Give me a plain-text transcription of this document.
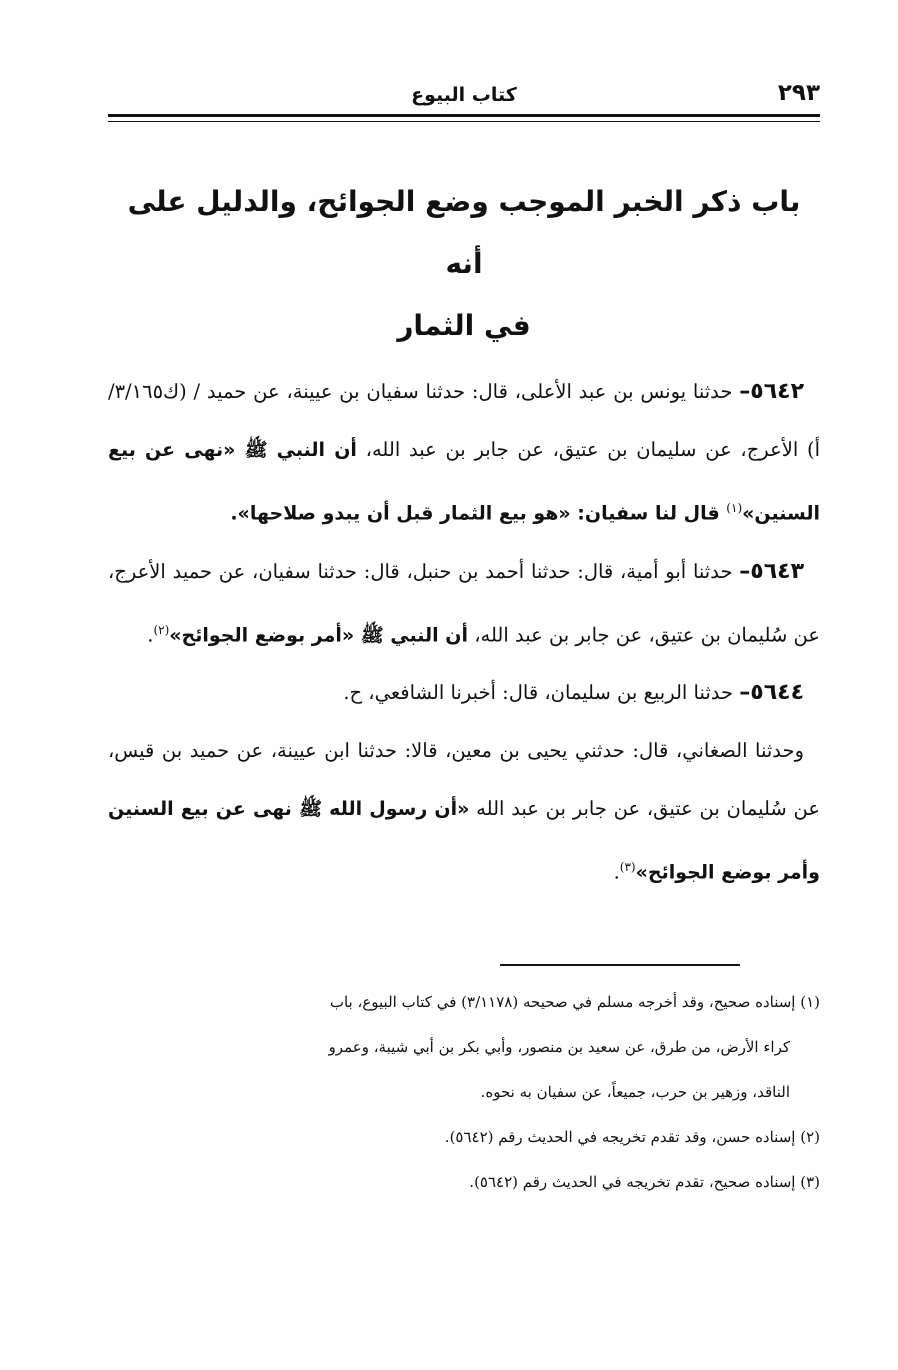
٢٩٣
كتاب البيوع
باب ذكر الخبر الموجب وضع الجوائح، والدليل على أنه
في الثمار

٥٦٤٢– حدثنا يونس بن عبد الأعلى، قال: حدثنا سفيان بن عيينة، عن حميد / (ك٣/١٦٥/أ) الأعرج، عن سليمان بن عتيق، عن جابر بن عبد الله، أن النبي ﷺ «نهى عن بيع السنين»$^{(١)}$ قال لنا سفيان: «هو بيع الثمار قبل أن يبدو صلاحها».

٥٦٤٣– حدثنا أبو أمية، قال: حدثنا أحمد بن حنبل، قال: حدثنا سفيان، عن حميد الأعرج، عن سُليمان بن عتيق، عن جابر بن عبد الله، أن النبي ﷺ «أمر بوضع الجوائح»$^{(٢)}$.

٥٦٤٤– حدثنا الربيع بن سليمان، قال: أخبرنا الشافعي، ح.

وحدثنا الصغاني، قال: حدثني يحيى بن معين، قالا: حدثنا ابن عيينة، عن حميد بن قيس، عن سُليمان بن عتيق، عن جابر بن عبد الله «أن رسول الله ﷺ نهى عن بيع السنين وأمر بوضع الجوائح»$^{(٣)}$.

(١) إسناده صحيح، وقد أخرجه مسلم في صحيحه (٣/١١٧٨) في كتاب البيوع، باب
كراء الأرض، من طرق، عن سعيد بن منصور، وأبي بكر بن أبي شيبة، وعمرو
الناقد، وزهير بن حرب، جميعاً، عن سفيان به نحوه.
(٢) إسناده حسن، وقد تقدم تخريجه في الحديث رقم (٥٦٤٢).
(٣) إسناده صحيح، تقدم تخريجه في الحديث رقم (٥٦٤٢).
